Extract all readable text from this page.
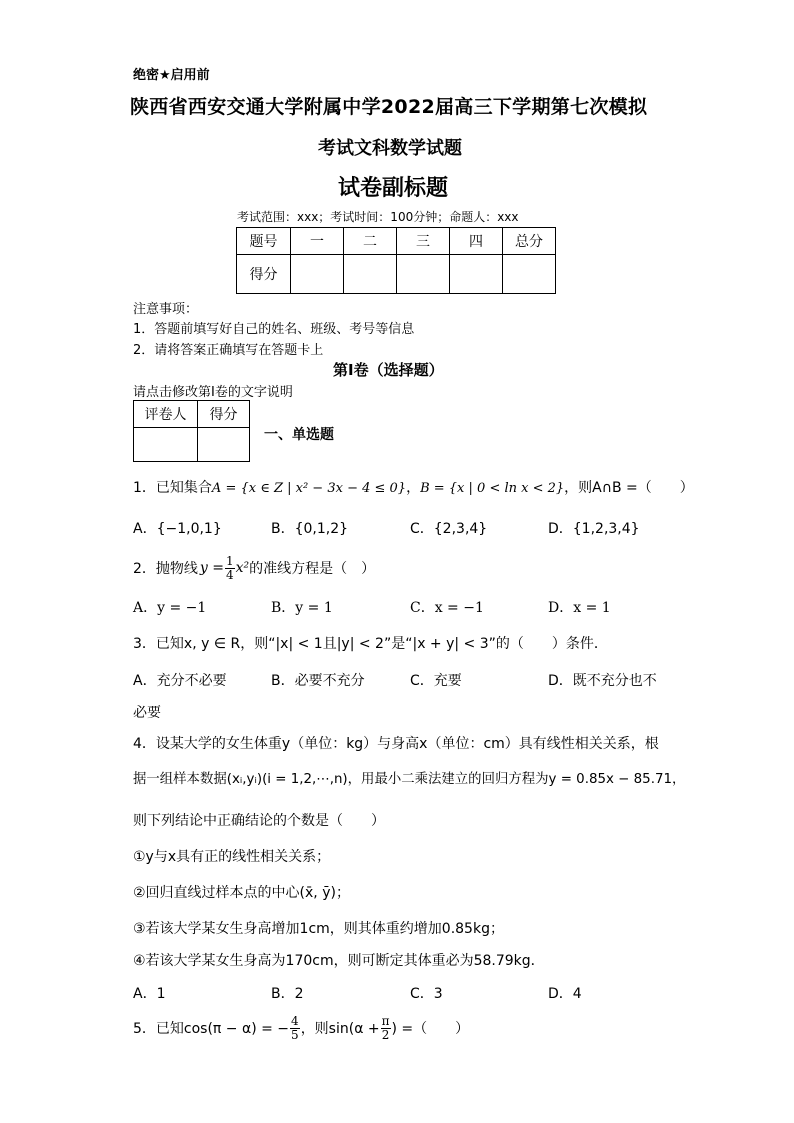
绝密★启用前
陕西省西安交通大学附属中学2022届高三下学期第七次模拟
考试文科数学试题
试卷副标题
考试范围：xxx；考试时间：100分钟；命题人：xxx
题号	一	二	三	四	总分
得分					
注意事项：
1．答题前填写好自己的姓名、班级、考号等信息
2．请将答案正确填写在答题卡上
第I卷（选择题）
请点击修改第I卷的文字说明
评卷人	得分

一、单选题
1．已知集合A = {x ∈ Z | x² − 3x − 4 ≤ 0}，B = {x | 0 < ln x < 2}，则A∩B =（　　）
A．{−1,0,1}	B．{0,1,2}	C．{2,3,4}	D．{1,2,3,4}
2．抛物线 $y = \frac{1}{4} x^2$ 的准线方程是（　）
A．y = −1	B．y = 1	C．x = −1	D．x = 1
3．已知x, y ∈ R，则“|x| < 1且|y| < 2”是“|x + y| < 3”的（　　）条件．
A．充分不必要	B．必要不充分	C．充要	D．既不充分也不
必要
4．设某大学的女生体重y（单位：kg）与身高x（单位：cm）具有线性相关关系，根
据一组样本数据(xᵢ,yᵢ)(i = 1,2,⋯,n)，用最小二乘法建立的回归方程为y = 0.85x − 85.71，
则下列结论中正确结论的个数是（　　）
①y与x具有正的线性相关关系；
②回归直线过样本点的中心(x̄, ȳ)；
③若该大学某女生身高增加1cm，则其体重约增加0.85kg；
④若该大学某女生身高为170cm，则可断定其体重必为58.79kg．
A．1	B．2	C．3	D．4
5．已知cos(π − α) = − $\frac{4}{5}$ ，则$\sin(\alpha + \frac{\pi}{2}$ ) =（　　）
